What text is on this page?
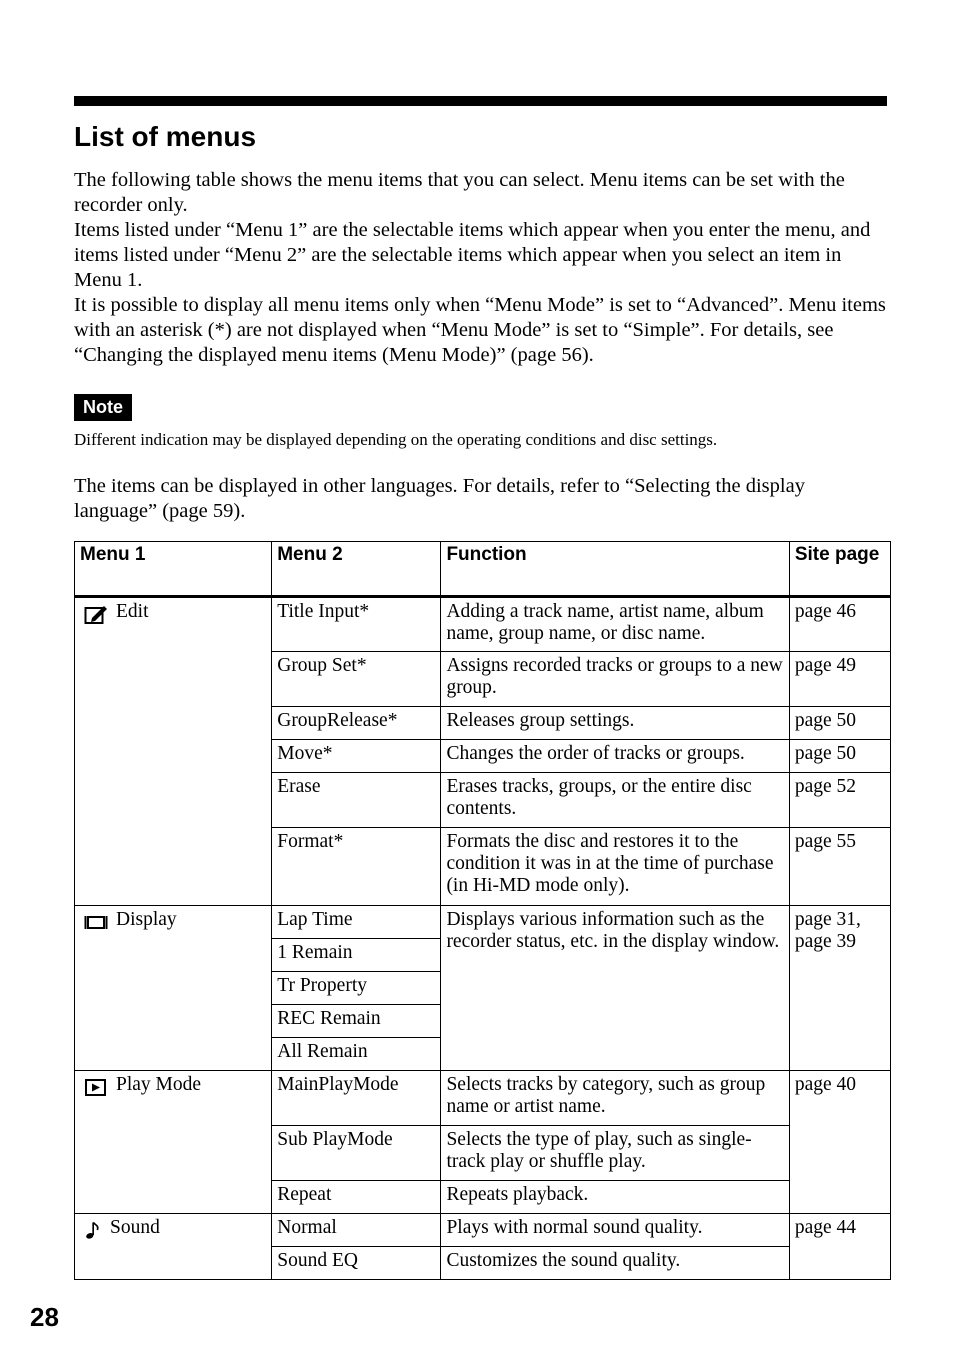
List of menus

The following table shows the menu items that you can select. Menu items can be set with the recorder only.

Items listed under “Menu 1” are the selectable items which appear when you enter the menu, and items listed under “Menu 2” are the selectable items which appear when you select an item in Menu 1.

It is possible to display all menu items only when “Menu Mode” is set to “Advanced”. Menu items with an asterisk (*) are not displayed when “Menu Mode” is set to “Simple”. For details, see “Changing the displayed menu items (Menu Mode)” (page 56).

Note
Different indication may be displayed depending on the operating conditions and disc settings.
The items can be displayed in other languages. For details, refer to “Selecting the display language” (page 59).
Menu 1	Menu 2	Function	Site page

Edit	Title Input*	Adding a track name, artist name, album name, group name, or disc name.	page 46
	Group Set*	Assigns recorded tracks or groups to a new group.	page 49
	GroupRelease*	Releases group settings.	page 50
	Move*	Changes the order of tracks or groups.	page 50
	Erase	Erases tracks, groups, or the entire disc contents.	page 52
	Format*	Formats the disc and restores it to the condition it was in at the time of purchase (in Hi-MD mode only).	page 55

Display	Lap Time	Displays various information such as the recorder status, etc. in the display window.	page 31, page 39
	1 Remain		
	Tr Property		
	REC Remain		
	All Remain		

Play Mode	MainPlayMode	Selects tracks by category, such as group name or artist name.	page 40
	Sub PlayMode	Selects the type of play, such as single-track play or shuffle play.	
	Repeat	Repeats playback.	

Sound	Normal	Plays with normal sound quality.	page 44
	Sound EQ	Customizes the sound quality.	
28
